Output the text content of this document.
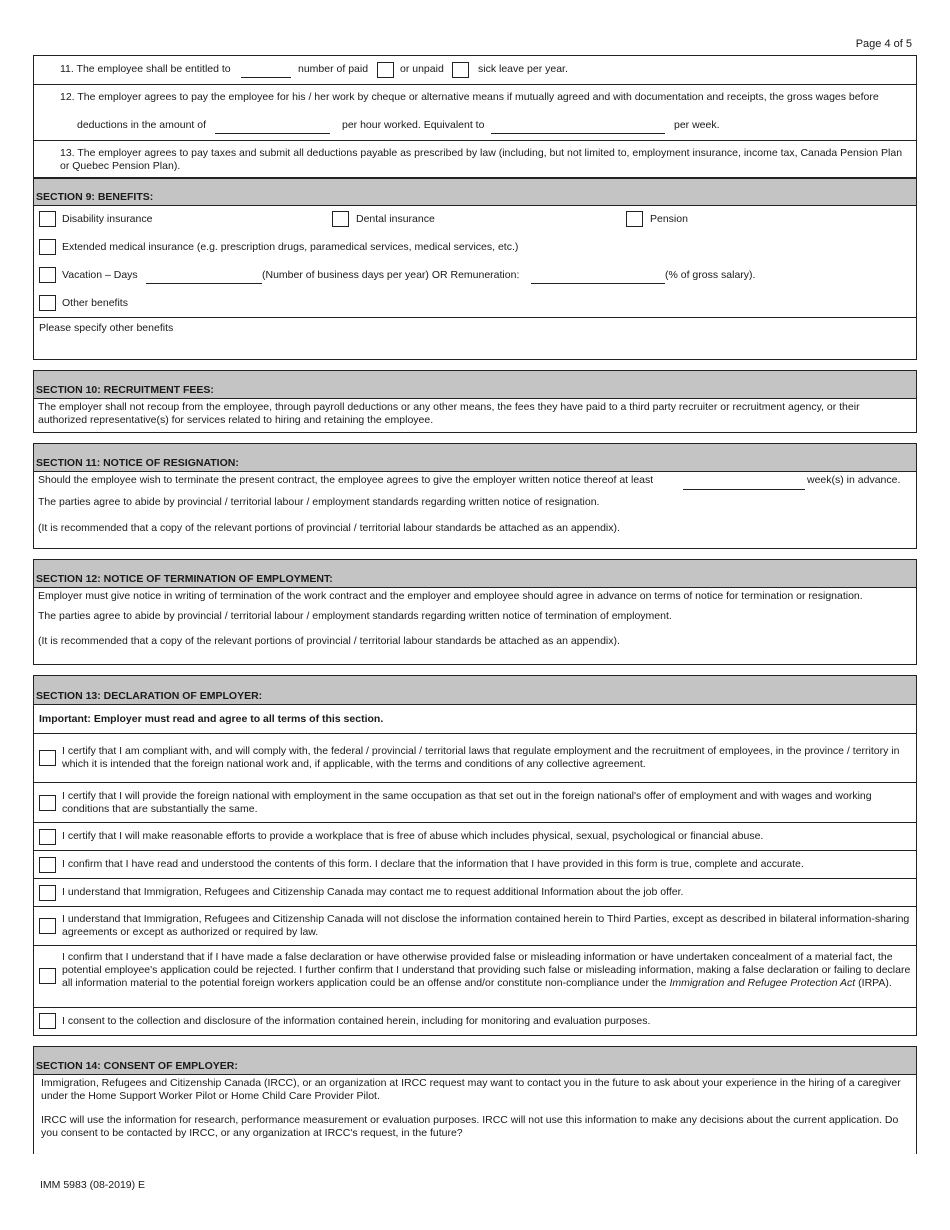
Page 4 of 5
11. The employee shall be entitled to	number of paid	or unpaid	sick leave per year.
12. The employer agrees to pay the employee for his / her work by cheque or alternative means if mutually agreed and with documentation and receipts, the gross wages before
deductions in the amount of	per hour worked. Equivalent to	per week.
13. The employer agrees to pay taxes and submit all deductions payable as prescribed by law (including, but not limited to, employment insurance, income tax, Canada Pension Plan or Quebec Pension Plan).
SECTION 9: BENEFITS:
Disability insurance	Dental insurance	Pension
Extended medical insurance (e.g. prescription drugs, paramedical services, medical services, etc.)
Vacation – Days	(Number of business days per year) OR Remuneration:	(% of gross salary).
Other benefits
Please specify other benefits
SECTION 10: RECRUITMENT FEES:
The employer shall not recoup from the employee, through payroll deductions or any other means, the fees they have paid to a third party recruiter or recruitment agency, or their authorized representative(s) for services related to hiring and retaining the employee.
SECTION 11: NOTICE OF RESIGNATION:
Should the employee wish to terminate the present contract, the employee agrees to give the employer written notice thereof at least	week(s) in advance.
The parties agree to abide by provincial / territorial labour / employment standards regarding written notice of resignation.
(It is recommended that a copy of the relevant portions of provincial / territorial labour standards be attached as an appendix).
SECTION 12: NOTICE OF TERMINATION OF EMPLOYMENT:
Employer must give notice in writing of termination of the work contract and the employer and employee should agree in advance on terms of notice for termination or resignation.
The parties agree to abide by provincial / territorial labour / employment standards regarding written notice of termination of employment.
(It is recommended that a copy of the relevant portions of provincial / territorial labour standards be attached as an appendix).
SECTION 13: DECLARATION OF EMPLOYER:
Important: Employer must read and agree to all terms of this section.
I certify that I am compliant with, and will comply with, the federal / provincial / territorial laws that regulate employment and the recruitment of employees, in the province / territory in which it is intended that the foreign national work and, if applicable, with the terms and conditions of any collective agreement.
I certify that I will provide the foreign national with employment in the same occupation as that set out in the foreign national's offer of employment and with wages and working conditions that are substantially the same.
I certify that I will make reasonable efforts to provide a workplace that is free of abuse which includes physical, sexual, psychological or financial abuse.
I confirm that I have read and understood the contents of this form. I declare that the information that I have provided in this form is true, complete and accurate.
I understand that Immigration, Refugees and Citizenship Canada may contact me to request additional Information about the job offer.
I understand that Immigration, Refugees and Citizenship Canada will not disclose the information contained herein to Third Parties, except as described in bilateral information-sharing agreements or except as authorized or required by law.
I confirm that I understand that if I have made a false declaration or have otherwise provided false or misleading information or have undertaken concealment of a material fact, the potential employee's application could be rejected. I further confirm that I understand that providing such false or misleading information, making a false declaration or failing to declare all information material to the potential foreign workers application could be an offense and/or constitute non-compliance under the Immigration and Refugee Protection Act (IRPA).
I consent to the collection and disclosure of the information contained herein, including for monitoring and evaluation purposes.
SECTION 14: CONSENT OF EMPLOYER:
Immigration, Refugees and Citizenship Canada (IRCC), or an organization at IRCC request may want to contact you in the future to ask about your experience in the hiring of a caregiver under the Home Support Worker Pilot or Home Child Care Provider Pilot.
IRCC will use the information for research, performance measurement or evaluation purposes. IRCC will not use this information to make any decisions about the current application. Do you consent to be contacted by IRCC, or any organization at IRCC's request, in the future?
IMM 5983 (08-2019) E
